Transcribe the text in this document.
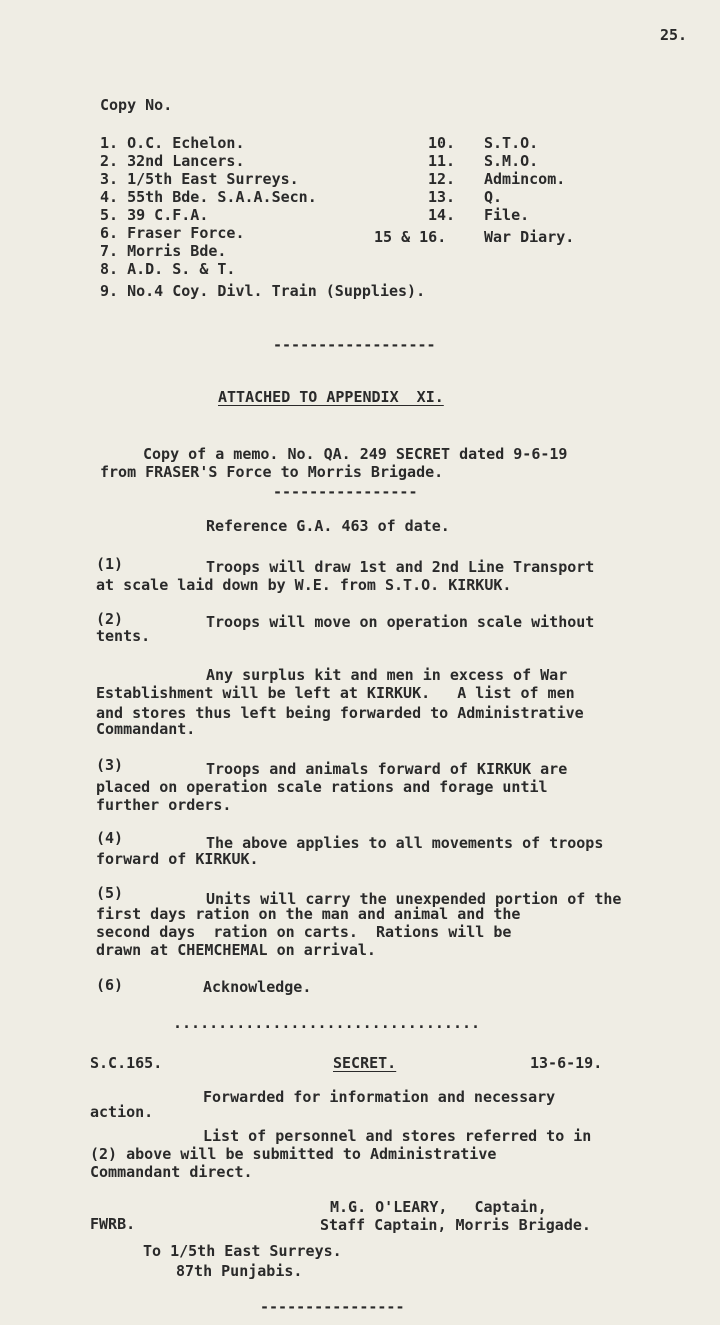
25.
Copy No.
1. O.C. Echelon.
2. 32nd Lancers.
3. 1/5th East Surreys.
4. 55th Bde. S.A.A.Secn.
5. 39 C.F.A.
6. Fraser Force.
7. Morris Bde.
8. A.D. S. & T.
9. No.4 Coy. Divl. Train (Supplies).
10. S.T.O.
11. S.M.O.
12. Admincom.
13. Q.
14. File.
15 & 16.	War Diary.
------------------
ATTACHED TO APPENDIX  XI.
Copy of a memo. No. QA. 249 SECRET dated 9-6-19
from FRASER'S Force to Morris Brigade.
----------------
Reference G.A. 463 of date.
(1)	Troops will draw 1st and 2nd Line Transport
at scale laid down by W.E. from S.T.O. KIRKUK.
(2)	Troops will move on operation scale without
tents.
Any surplus kit and men in excess of War
Establishment will be left at KIRKUK.   A list of men
and stores thus left being forwarded to Administrative
Commandant.
(3)	Troops and animals forward of KIRKUK are
placed on operation scale rations and forage until
further orders.
(4)	The above applies to all movements of troops
forward of KIRKUK.
(5)	Units will carry the unexpended portion of the
first days ration on the man and animal and the
second days  ration on carts.  Rations will be
drawn at CHEMCHEMAL on arrival.
(6)	Acknowledge.
..................................
S.C.165.	SECRET.	13-6-19.
Forwarded for information and necessary
action.
List of personnel and stores referred to in
(2) above will be submitted to Administrative
Commandant direct.
M.G. O'LEARY,   Captain,
FWRB.	Staff Captain, Morris Brigade.
To 1/5th East Surreys.
87th Punjabis.
----------------
